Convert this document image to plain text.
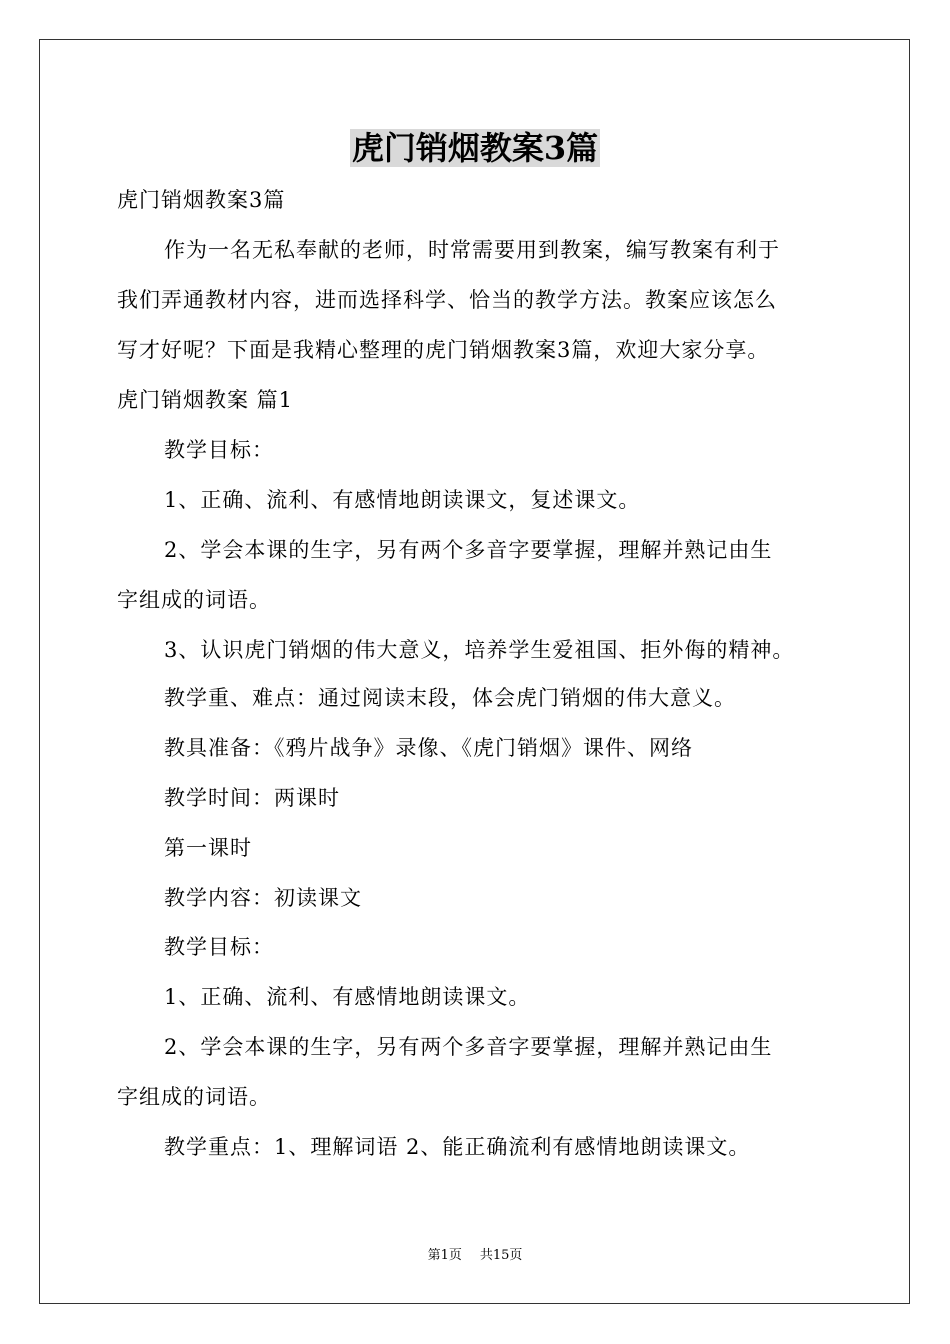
虎门销烟教案3篇
虎门销烟教案3篇
作为一名无私奉献的老师，时常需要用到教案，编写教案有利于
我们弄通教材内容，进而选择科学、恰当的教学方法。教案应该怎么
写才好呢？下面是我精心整理的虎门销烟教案3篇，欢迎大家分享。
虎门销烟教案 篇1
教学目标：
1、正确、流利、有感情地朗读课文，复述课文。
2、学会本课的生字，另有两个多音字要掌握，理解并熟记由生
字组成的词语。
3、认识虎门销烟的伟大意义，培养学生爱祖国、拒外侮的精神。
教学重、难点：通过阅读末段，体会虎门销烟的伟大意义。
教具准备：《鸦片战争》录像、《虎门销烟》课件、网络
教学时间：两课时
第一课时
教学内容：初读课文
教学目标：
1、正确、流利、有感情地朗读课文。
2、学会本课的生字，另有两个多音字要掌握，理解并熟记由生
字组成的词语。
教学重点：1、理解词语 2、能正确流利有感情地朗读课文。
第1页 共15页
